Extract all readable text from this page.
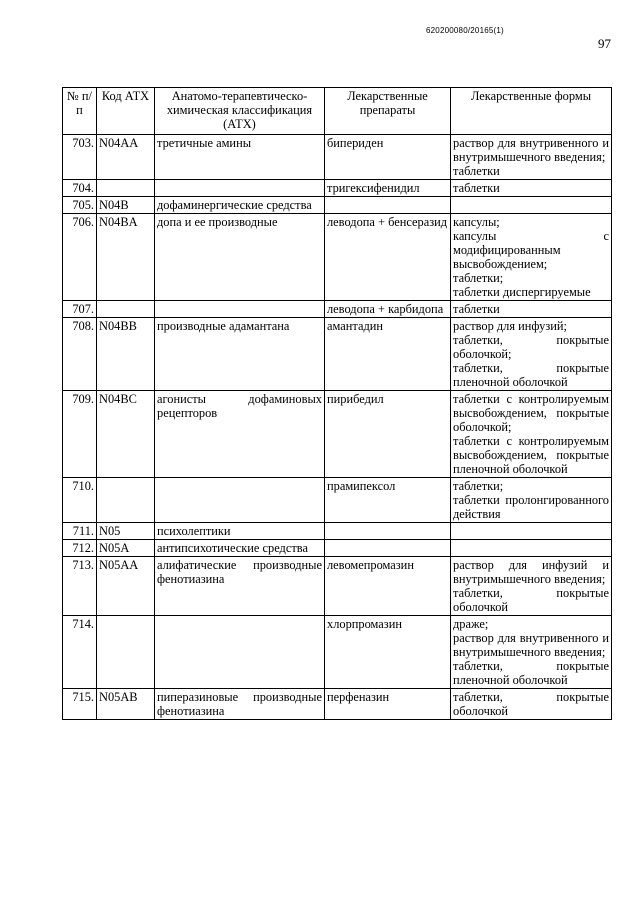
620200080/20165(1)
97
№ п/п	Код АТХ	Анатомо-терапевтическо-химическая классификация (АТХ)	Лекарственные препараты	Лекарственные формы
703.	N04AA	третичные амины	бипериден	раствор для внутривенного и внутримышечного введения;
таблетки

704.			тригексифенидил	таблетки

705.	N04B	дофаминергические средства		
706.	N04BA	допа и ее производные	леводопа + бенсеразид	капсулы;
капсулы с модифицированным высвобождением;
таблетки;
таблетки диспергируемые

707.			леводопа + карбидопа	таблетки

708.	N04BB	производные адамантана	амантадин	раствор для инфузий;
таблетки, покрытые оболочкой;
таблетки, покрытые пленочной оболочкой

709.	N04BC	агонисты дофаминовых рецепторов	пирибедил	таблетки с контролируемым высвобождением, покрытые оболочкой;
таблетки с контролируемым высвобождением, покрытые пленочной оболочкой

710.			прамипексол	таблетки;
таблетки пролонгированного действия

711.	N05	психолептики		
712.	N05A	антипсихотические средства		
713.	N05AA	алифатические производные фенотиазина	левомепромазин	раствор для инфузий и внутримышечного введения;
таблетки, покрытые оболочкой

714.			хлорпромазин	драже;
раствор для внутривенного и внутримышечного введения;
таблетки, покрытые пленочной оболочкой

715.	N05AB	пиперазиновые производные фенотиазина	перфеназин	таблетки, покрытые оболочкой
